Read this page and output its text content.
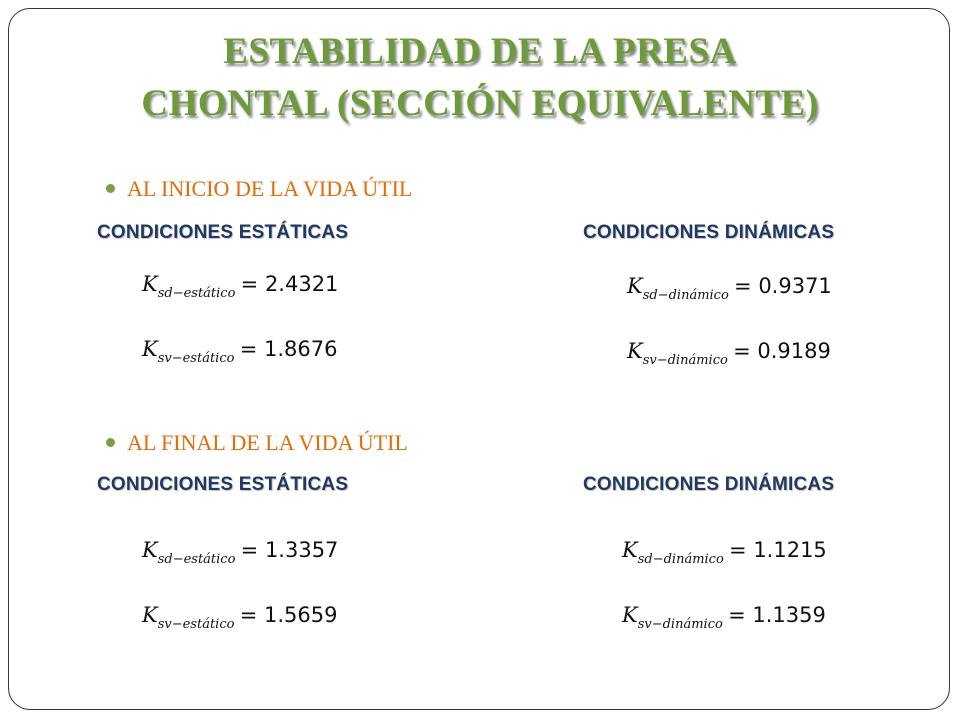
ESTABILIDAD DE LA PRESA
CHONTAL (SECCIÓN EQUIVALENTE)
AL INICIO DE LA VIDA ÚTIL
CONDICIONES ESTÁTICAS	CONDICIONES DINÁMICAS
$K_{sd-estático} = 2.4321$
$K_{sv-estático} = 1.8676$
$K_{sd-dinámico} = 0.9371$
$K_{sv-dinámico} = 0.9189$
AL FINAL DE LA VIDA ÚTIL
CONDICIONES ESTÁTICAS	CONDICIONES DINÁMICAS
$K_{sd-estático} = 1.3357$
$K_{sv-estático} = 1.5659$
$K_{sd-dinámico} = 1.1215$
$K_{sv-dinámico} = 1.1359$
